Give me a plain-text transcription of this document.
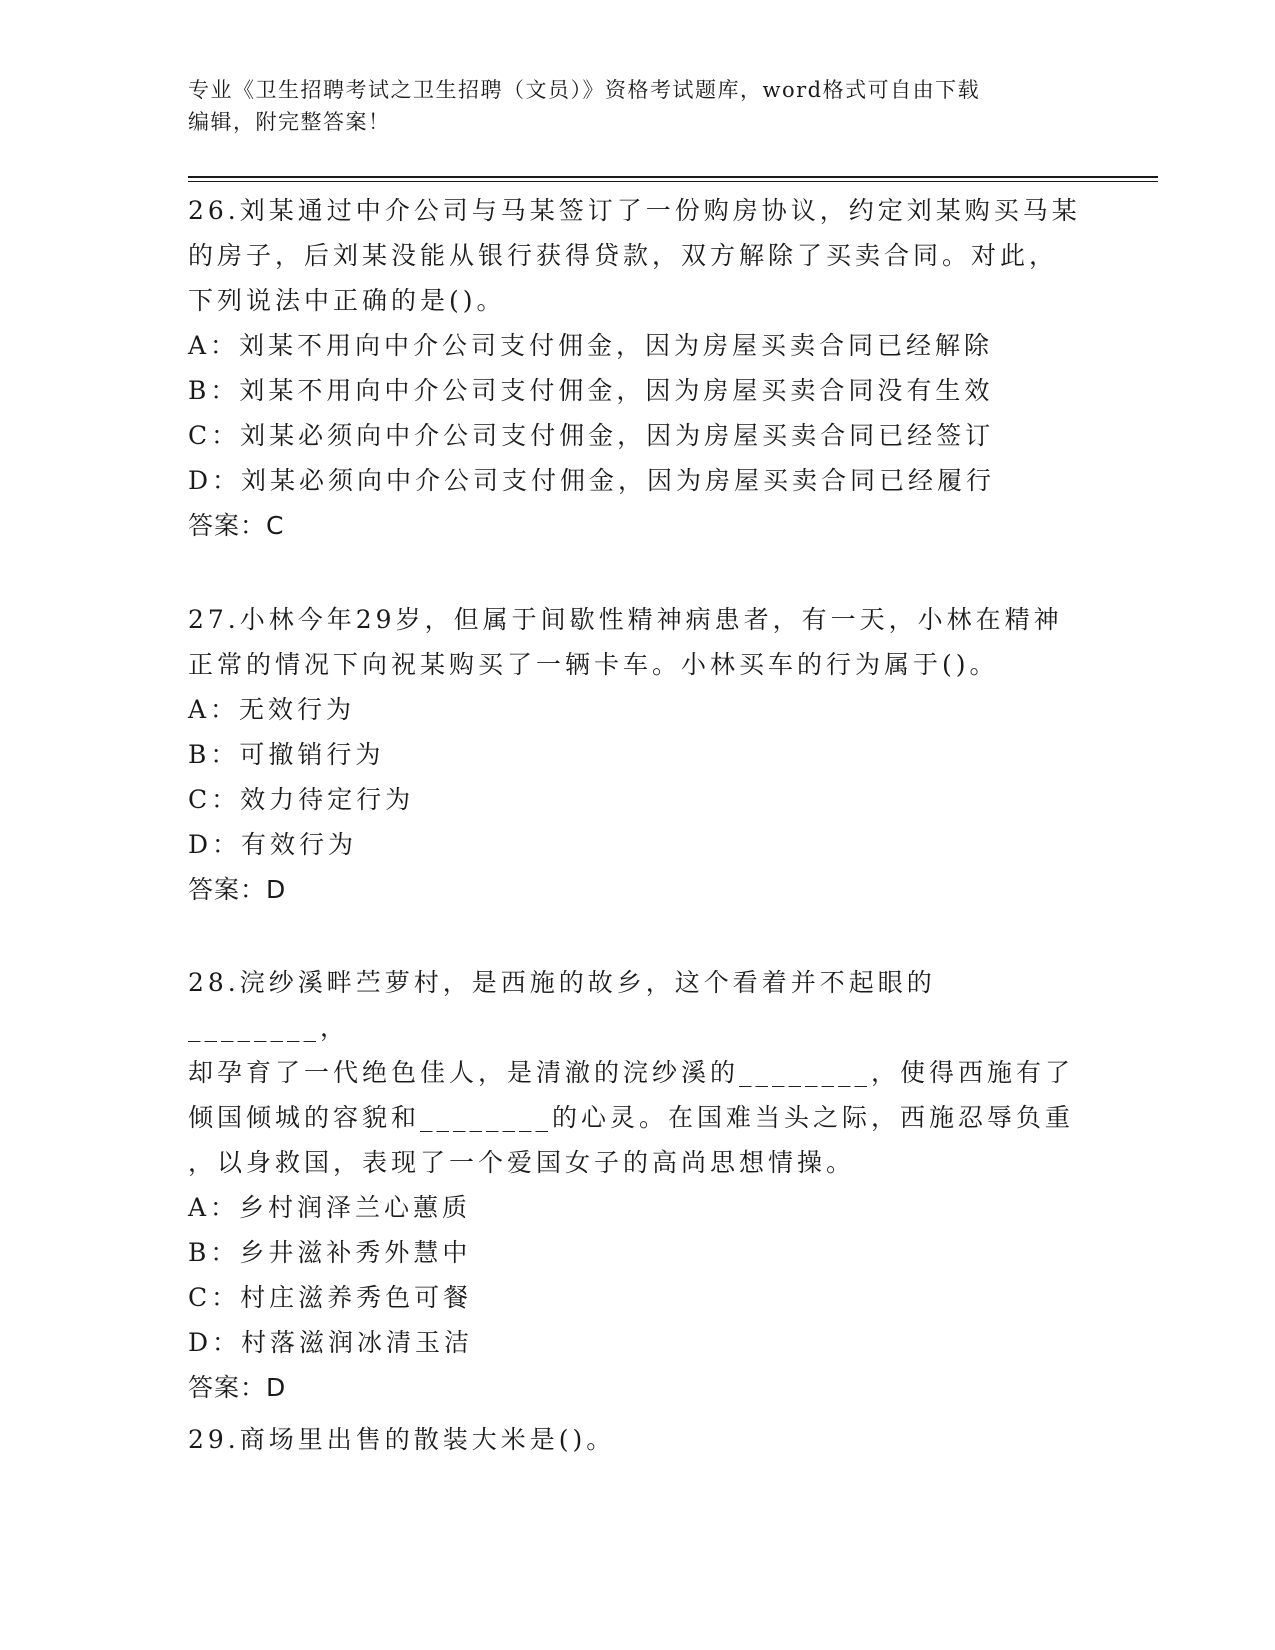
专业《卫生招聘考试之卫生招聘（文员）》资格考试题库，word格式可自由下载
编辑，附完整答案！

26.刘某通过中介公司与马某签订了一份购房协议，约定刘某购买马某

的房子，后刘某没能从银行获得贷款，双方解除了买卖合同。对此，

下列说法中正确的是()。

A：刘某不用向中介公司支付佣金，因为房屋买卖合同已经解除

B：刘某不用向中介公司支付佣金，因为房屋买卖合同没有生效

C：刘某必须向中介公司支付佣金，因为房屋买卖合同已经签订

D：刘某必须向中介公司支付佣金，因为房屋买卖合同已经履行

答案：C

27.小林今年29岁，但属于间歇性精神病患者，有一天，小林在精神

正常的情况下向祝某购买了一辆卡车。小林买车的行为属于()。

A：无效行为

B：可撤销行为

C：效力待定行为

D：有效行为

答案：D

28.浣纱溪畔苎萝村，是西施的故乡，这个看着并不起眼的________，

却孕育了一代绝色佳人，是清澈的浣纱溪的________，使得西施有了

倾国倾城的容貌和________的心灵。在国难当头之际，西施忍辱负重

，以身救国，表现了一个爱国女子的高尚思想情操。

A：乡村润泽兰心蕙质

B：乡井滋补秀外慧中

C：村庄滋养秀色可餐

D：村落滋润冰清玉洁

答案：D

29.商场里出售的散装大米是()。
